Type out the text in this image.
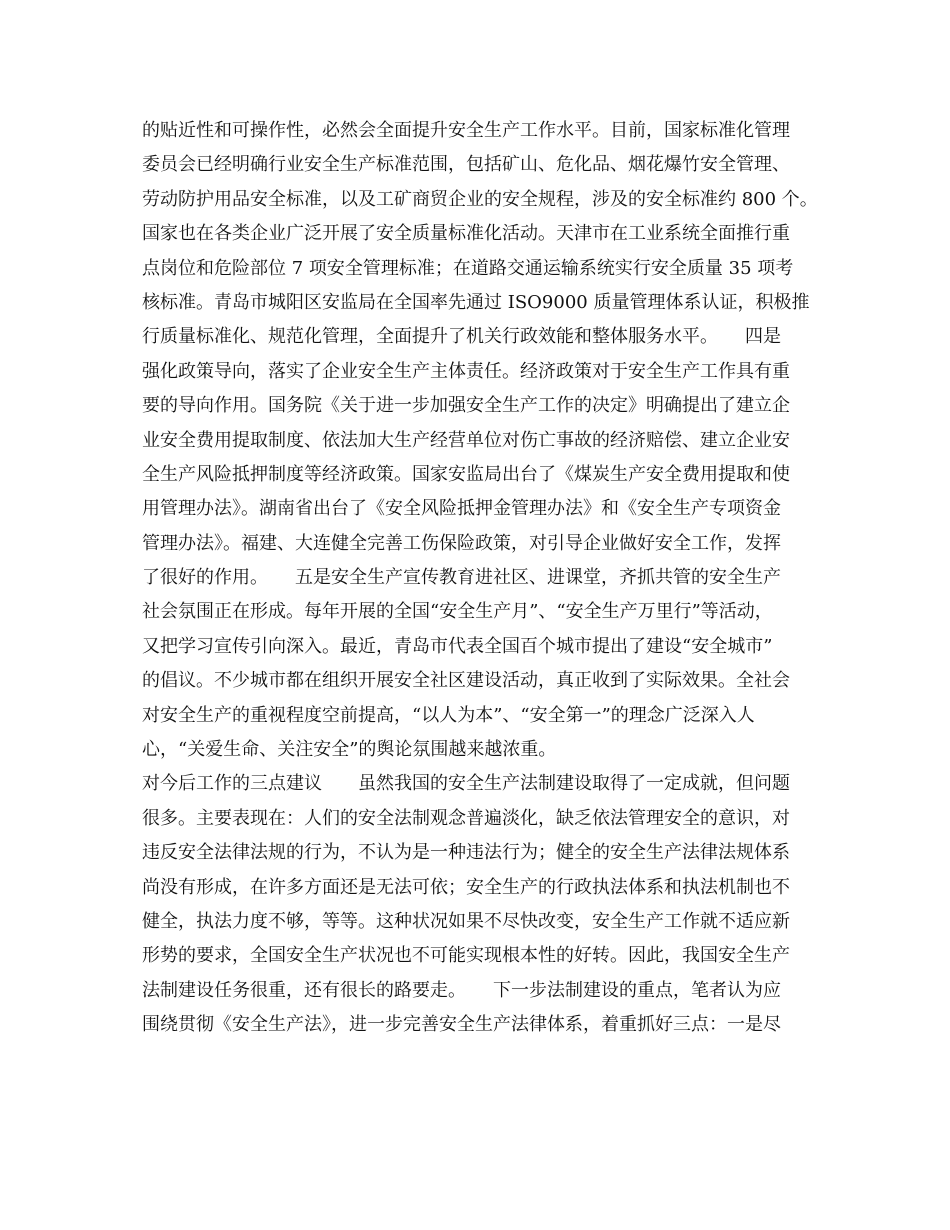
的贴近性和可操作性，必然会全面提升安全生产工作水平。目前，国家标准化管理
委员会已经明确行业安全生产标准范围，包括矿山、危化品、烟花爆竹安全管理、
劳动防护用品安全标准，以及工矿商贸企业的安全规程，涉及的安全标准约 800 个。
国家也在各类企业广泛开展了安全质量标准化活动。天津市在工业系统全面推行重
点岗位和危险部位 7 项安全管理标准；在道路交通运输系统实行安全质量 35 项考
核标准。青岛市城阳区安监局在全国率先通过 ISO9000 质量管理体系认证，积极推
行质量标准化、规范化管理，全面提升了机关行政效能和整体服务水平。　　四是
强化政策导向，落实了企业安全生产主体责任。经济政策对于安全生产工作具有重
要的导向作用。国务院《关于进一步加强安全生产工作的决定》明确提出了建立企
业安全费用提取制度、依法加大生产经营单位对伤亡事故的经济赔偿、建立企业安
全生产风险抵押制度等经济政策。国家安监局出台了《煤炭生产安全费用提取和使
用管理办法》。湖南省出台了《安全风险抵押金管理办法》和《安全生产专项资金
管理办法》。福建、大连健全完善工伤保险政策，对引导企业做好安全工作，发挥
了很好的作用。　　五是安全生产宣传教育进社区、进课堂，齐抓共管的安全生产
社会氛围正在形成。每年开展的全国“安全生产月”、“安全生产万里行”等活动，
又把学习宣传引向深入。最近，青岛市代表全国百个城市提出了建设“安全城市”
的倡议。不少城市都在组织开展安全社区建设活动，真正收到了实际效果。全社会
对安全生产的重视程度空前提高，“以人为本”、“安全第一”的理念广泛深入人
心，“关爱生命、关注安全”的舆论氛围越来越浓重。
对今后工作的三点建议　　虽然我国的安全生产法制建设取得了一定成就，但问题
很多。主要表现在：人们的安全法制观念普遍淡化，缺乏依法管理安全的意识，对
违反安全法律法规的行为，不认为是一种违法行为；健全的安全生产法律法规体系
尚没有形成，在许多方面还是无法可依；安全生产的行政执法体系和执法机制也不
健全，执法力度不够，等等。这种状况如果不尽快改变，安全生产工作就不适应新
形势的要求，全国安全生产状况也不可能实现根本性的好转。因此，我国安全生产
法制建设任务很重，还有很长的路要走。　　下一步法制建设的重点，笔者认为应
围绕贯彻《安全生产法》，进一步完善安全生产法律体系，着重抓好三点：一是尽
